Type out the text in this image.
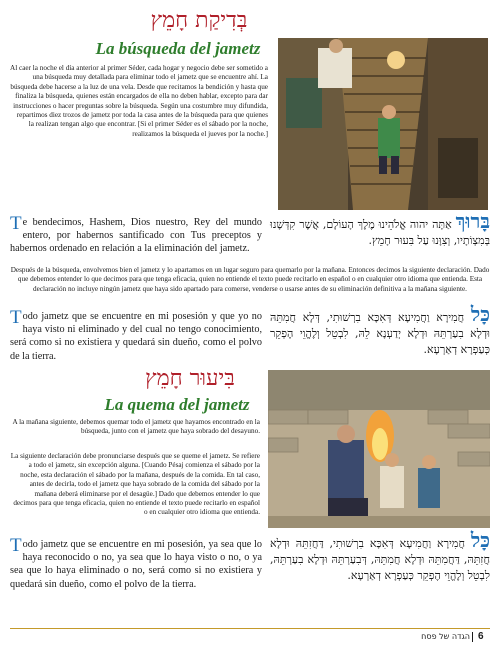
בְּדִיקַת חָמֵץ
La búsqueda del jametz
Al caer la noche el día anterior al primer Séder, cada hogar y negocio debe ser sometido a una búsqueda muy detallada para eliminar todo el jametz que se encuentre ahí. La búsqueda debe hacerse a la luz de una vela. Desde que recitamos la bendición y hasta que finaliza la búsqueda, quienes están encargados de ella no deben hablar, excepto para dar instrucciones o hacer preguntas sobre la búsqueda. Según una costumbre muy difundida, repartimos diez trozos de jametz por toda la casa antes de la búsqueda para que quienes la realizan tengan algo que encontrar. [Si el primer Séder es el sábado por la noche, realizamos la búsqueda el jueves por la noche.]
Te bendecimos, Hashem, Dios nuestro, Rey del mundo entero, por habernos santificado con Tus preceptos y habernos ordenado en relación a la eliminación del jametz.
בָּרוּךְ אַתָּה יהוה אֱלֹהֵינוּ מֶלֶךְ הָעוֹלָם, אֲשֶׁר קִדְּשָׁנוּ בְּמִצְוֹתָיו, וְצִוָּנוּ עַל בִּעוּר חָמֵץ.
Después de la búsqueda, envolvemos bien el jametz y lo apartamos en un lugar seguro para quemarlo por la mañana. Entonces decimos la siguiente declaración. Dado que debemos entender lo que decimos para que tenga eficacia, quien no entiende el texto puede recitarlo en español o en cualquier otro idioma que entienda. Esta declaración no incluye ningún jametz que haya sido apartado para comerse, venderse o usarse antes de su eliminación definitiva a la mañana siguiente.
Todo jametz que se encuentre en mi posesión y que yo no haya visto ni eliminado y del cual no tengo conocimiento, será como si no existiera y quedará sin dueño, como el polvo de la tierra.
כָּל חֲמִירָא וַחֲמִיעָא דְּאִכָּא בִרְשׁוּתִי, דְּלָא חֲמִתֵּהּ וּדְלָא בִעַרְתֵּהּ וּדְלָא יְדַעְנָא לֵהּ, לִבְטֵל וְלֶהֱוֵי הֶפְקֵר כְּעַפְרָא דְאַרְעָא.
בִּיעוּר חָמֵץ
La quema del jametz
A la mañana siguiente, debemos quemar todo el jametz que hayamos encontrado en la búsqueda, junto con el jametz que haya sobrado del desayuno.
La siguiente declaración debe pronunciarse después que se queme el jametz. Se refiere a todo el jametz, sin excepción alguna. [Cuando Pésaj comienza el sábado por la noche, esta declaración el sábado por la mañana, después de la comida. En tal caso, antes de decirla, todo el jametz que haya sobrado de la comida del sábado por la mañana deberá eliminarse por el desagüe.] Dado que debemos entender lo que decimos para que tenga eficacia, quien no entiende el texto puede recitarlo en español o en cualquier otro idioma que entienda.
Todo jametz que se encuentre en mi posesión, ya sea que lo haya reconocido o no, ya sea que lo haya visto o no, o ya sea que lo haya eliminado o no, será como si no existiera y quedará sin dueño, como el polvo de la tierra.
כָּל חֲמִירָא וַחֲמִיעָא דְּאִכָּא בִרְשׁוּתִי, דַּחֲזִתֵּהּ וּדְלָא חֲזִתֵּהּ, דַּחֲמִתֵּהּ וּדְלָא חֲמִתֵּהּ, דְּבִעַרְתֵּהּ וּדְלָא בִעַרְתֵּהּ, לִבְטֵל וְלֶהֱוֵי הֶפְקֵר כְּעַפְרָא דְאַרְעָא.
הגדה של פסח 6
